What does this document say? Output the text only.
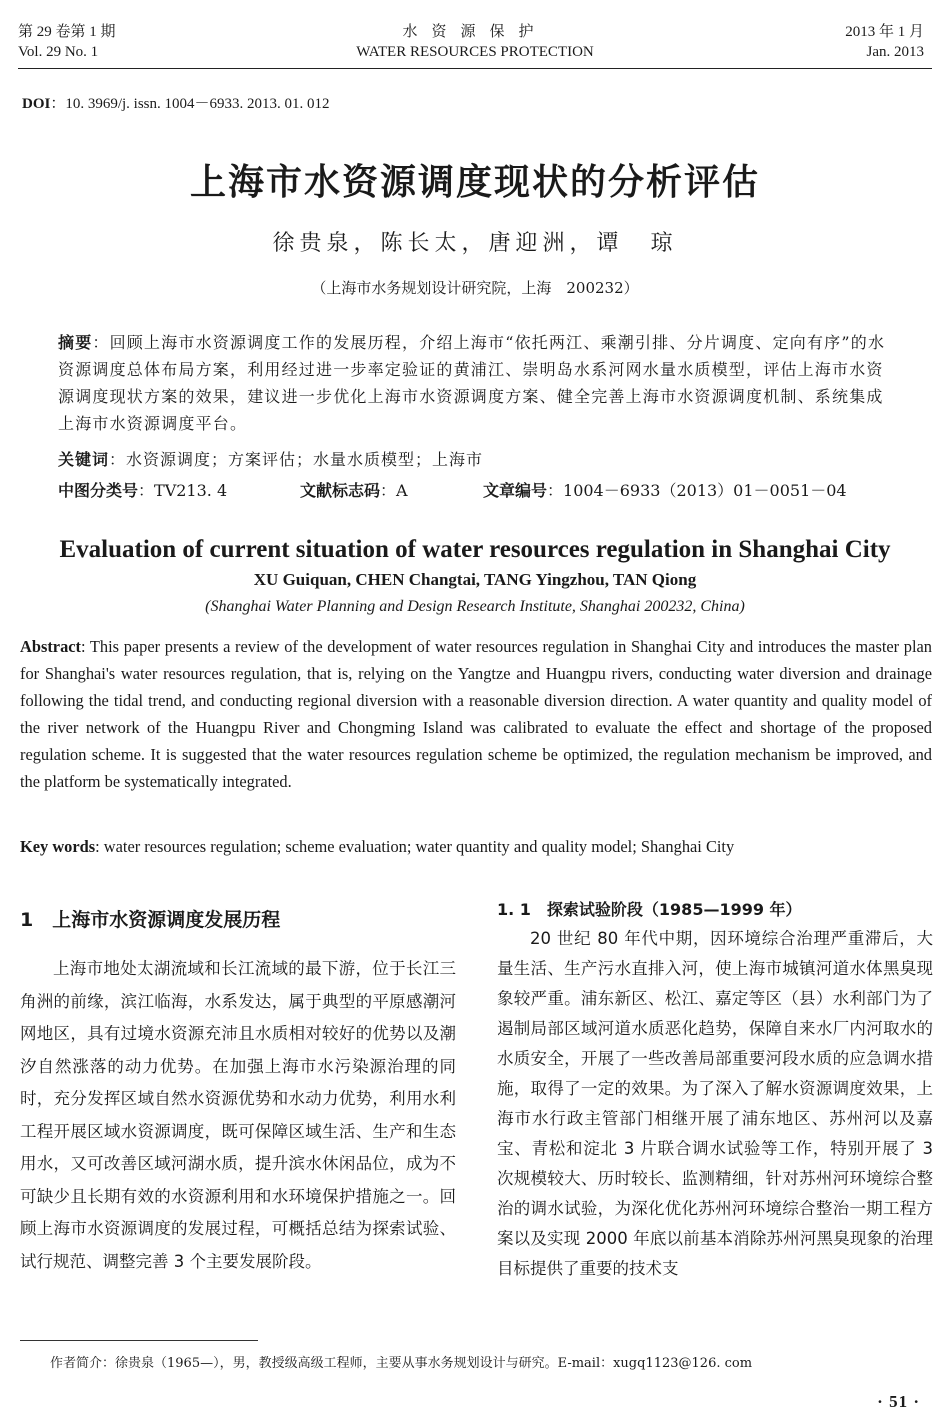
第 29 卷第 1 期
Vol. 29 No. 1
水资源保护
WATER RESOURCES PROTECTION
2013 年 1 月
Jan. 2013
DOI：10. 3969/j. issn. 1004－6933. 2013. 01. 012
上海市水资源调度现状的分析评估
徐贵泉，陈长太，唐迎洲，谭　琼
（上海市水务规划设计研究院，上海　200232）
摘要：回顾上海市水资源调度工作的发展历程，介绍上海市“依托两江、乘潮引排、分片调度、定向有序”的水资源调度总体布局方案，利用经过进一步率定验证的黄浦江、崇明岛水系河网水量水质模型，评估上海市水资源调度现状方案的效果，建议进一步优化上海市水资源调度方案、健全完善上海市水资源调度机制、系统集成上海市水资源调度平台。
关键词：水资源调度；方案评估；水量水质模型；上海市
中图分类号：TV213. 4	文献标志码：A	文章编号：1004－6933（2013）01－0051－04
Evaluation of current situation of water resources regulation in Shanghai City
XU Guiquan, CHEN Changtai, TANG Yingzhou, TAN Qiong
(Shanghai Water Planning and Design Research Institute, Shanghai 200232, China)
Abstract: This paper presents a review of the development of water resources regulation in Shanghai City and introduces the master plan for Shanghai's water resources regulation, that is, relying on the Yangtze and Huangpu rivers, conducting water diversion and drainage following the tidal trend, and conducting regional diversion with a reasonable diversion direction. A water quantity and quality model of the river network of the Huangpu River and Chongming Island was calibrated to evaluate the effect and shortage of the proposed regulation scheme. It is suggested that the water resources regulation scheme be optimized, the regulation mechanism be improved, and the platform be systematically integrated.
Key words: water resources regulation; scheme evaluation; water quantity and quality model; Shanghai City
1　上海市水资源调度发展历程
上海市地处太湖流域和长江流域的最下游，位于长江三角洲的前缘，滨江临海，水系发达，属于典型的平原感潮河网地区，具有过境水资源充沛且水质相对较好的优势以及潮汐自然涨落的动力优势。在加强上海市水污染源治理的同时，充分发挥区域自然水资源优势和水动力优势，利用水利工程开展区域水资源调度，既可保障区域生活、生产和生态用水，又可改善区域河湖水质，提升滨水休闲品位，成为不可缺少且长期有效的水资源利用和水环境保护措施之一。回顾上海市水资源调度的发展过程，可概括总结为探索试验、试行规范、调整完善 3 个主要发展阶段。
1. 1　探索试验阶段（1985—1999 年）
20 世纪 80 年代中期，因环境综合治理严重滞后，大量生活、生产污水直排入河，使上海市城镇河道水体黑臭现象较严重。浦东新区、松江、嘉定等区（县）水利部门为了遏制局部区域河道水质恶化趋势，保障自来水厂内河取水的水质安全，开展了一些改善局部重要河段水质的应急调水措施，取得了一定的效果。为了深入了解水资源调度效果，上海市水行政主管部门相继开展了浦东地区、苏州河以及嘉宝、青松和淀北 3 片联合调水试验等工作，特别开展了 3 次规模较大、历时较长、监测精细，针对苏州河环境综合整治的调水试验，为深化优化苏州河环境综合整治一期工程方案以及实现 2000 年底以前基本消除苏州河黑臭现象的治理目标提供了重要的技术支
作者简介：徐贵泉（1965—），男，教授级高级工程师，主要从事水务规划设计与研究。E-mail：xugq1123@126. com
· 51 ·
